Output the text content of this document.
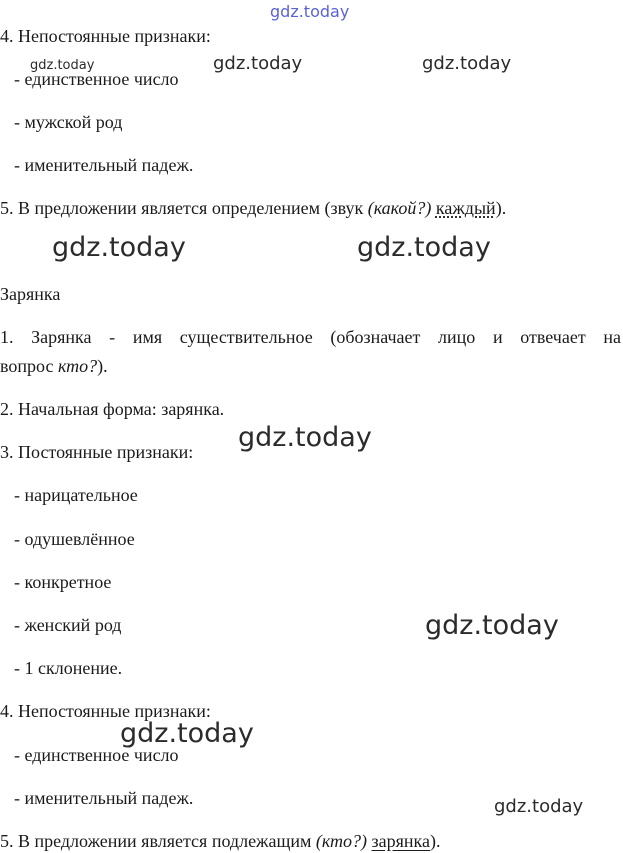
gdz.today
4. Непостоянные признаки:
- единственное число
- мужской род
- именительный падеж.
5. В предложении является определением (звук (какой?) каждый).
Зарянка
1. Зарянка - имя существительное (обозначает лицо и отвечает на
вопрос кто?).
2. Начальная форма: зарянка.
3. Постоянные признаки:
- нарицательное
- одушевлённое
- конкретное
- женский род
- 1 склонение.
4. Непостоянные признаки:
- единственное число
- именительный падеж.
5. В предложении является подлежащим (кто?) зарянка).
gdz.today	gdz.today	gdz.today
gdz.today	gdz.today
gdz.today
gdz.today
gdz.today
gdz.today
